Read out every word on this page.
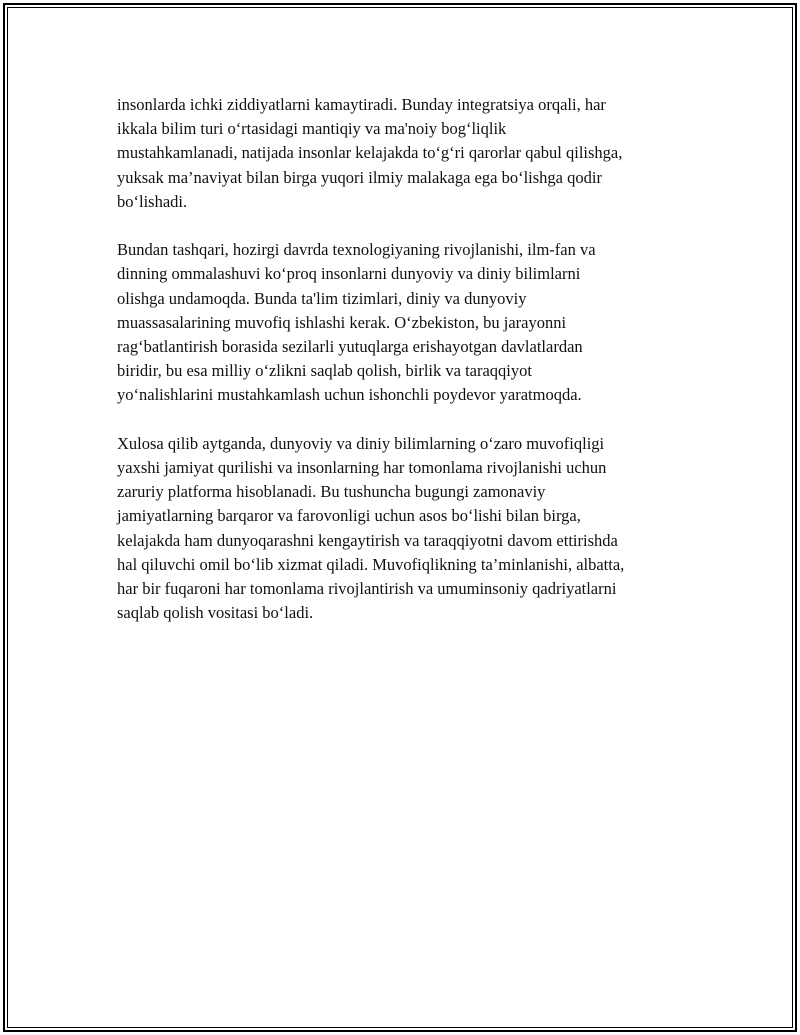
insonlarda ichki ziddiyatlarni kamaytiradi. Bunday integratsiya orqali, har
ikkala bilim turi o‘rtasidagi mantiqiy va ma'noiy bog‘liqlik
mustahkamlanadi, natijada insonlar kelajakda to‘g‘ri qarorlar qabul qilishga,
yuksak ma’naviyat bilan birga yuqori ilmiy malakaga ega bo‘lishga qodir
bo‘lishadi.

Bundan tashqari, hozirgi davrda texnologiyaning rivojlanishi, ilm-fan va
dinning ommalashuvi ko‘proq insonlarni dunyoviy va diniy bilimlarni
olishga undamoqda. Bunda ta'lim tizimlari, diniy va dunyoviy
muassasalarining muvofiq ishlashi kerak. O‘zbekiston, bu jarayonni
rag‘batlantirish borasida sezilarli yutuqlarga erishayotgan davlatlardan
biridir, bu esa milliy o‘zlikni saqlab qolish, birlik va taraqqiyot
yo‘nalishlarini mustahkamlash uchun ishonchli poydevor yaratmoqda.

Xulosa qilib aytganda, dunyoviy va diniy bilimlarning o‘zaro muvofiqligi
yaxshi jamiyat qurilishi va insonlarning har tomonlama rivojlanishi uchun
zaruriy platforma hisoblanadi. Bu tushuncha bugungi zamonaviy
jamiyatlarning barqaror va farovonligi uchun asos bo‘lishi bilan birga,
kelajakda ham dunyoqarashni kengaytirish va taraqqiyotni davom ettirishda
hal qiluvchi omil bo‘lib xizmat qiladi. Muvofiqlikning ta’minlanishi, albatta,
har bir fuqaroni har tomonlama rivojlantirish va umuminsoniy qadriyatlarni
saqlab qolish vositasi bo‘ladi.
